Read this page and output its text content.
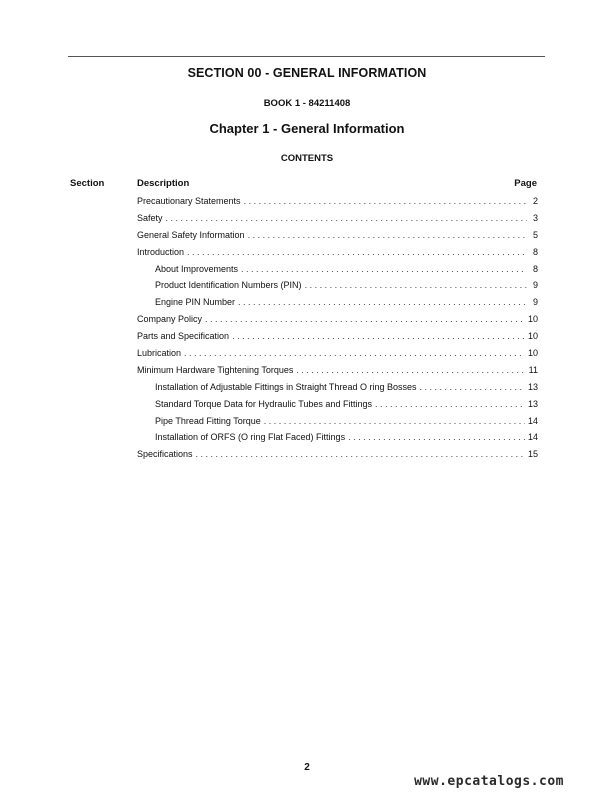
SECTION 00 - GENERAL INFORMATION
BOOK 1 - 84211408
Chapter 1 - General Information
CONTENTS
Section	Description	Page
Precautionary Statements . . .	2
Safety . . .	3
General Safety Information . . .	5
Introduction . . .	8
About Improvements . . .	8
Product Identification Numbers (PIN) . . .	9
Engine PIN Number . . .	9
Company Policy . . .	10
Parts and Specification . . .	10
Lubrication . . .	10
Minimum Hardware Tightening Torques . . .	11
Installation of Adjustable Fittings in Straight Thread O ring Bosses . . .	13
Standard Torque Data for Hydraulic Tubes and Fittings . . .	13
Pipe Thread Fitting Torque . . .	14
Installation of ORFS (O ring Flat Faced) Fittings . . .	14
Specifications . . .	15
2
www.epcatalogs.com
